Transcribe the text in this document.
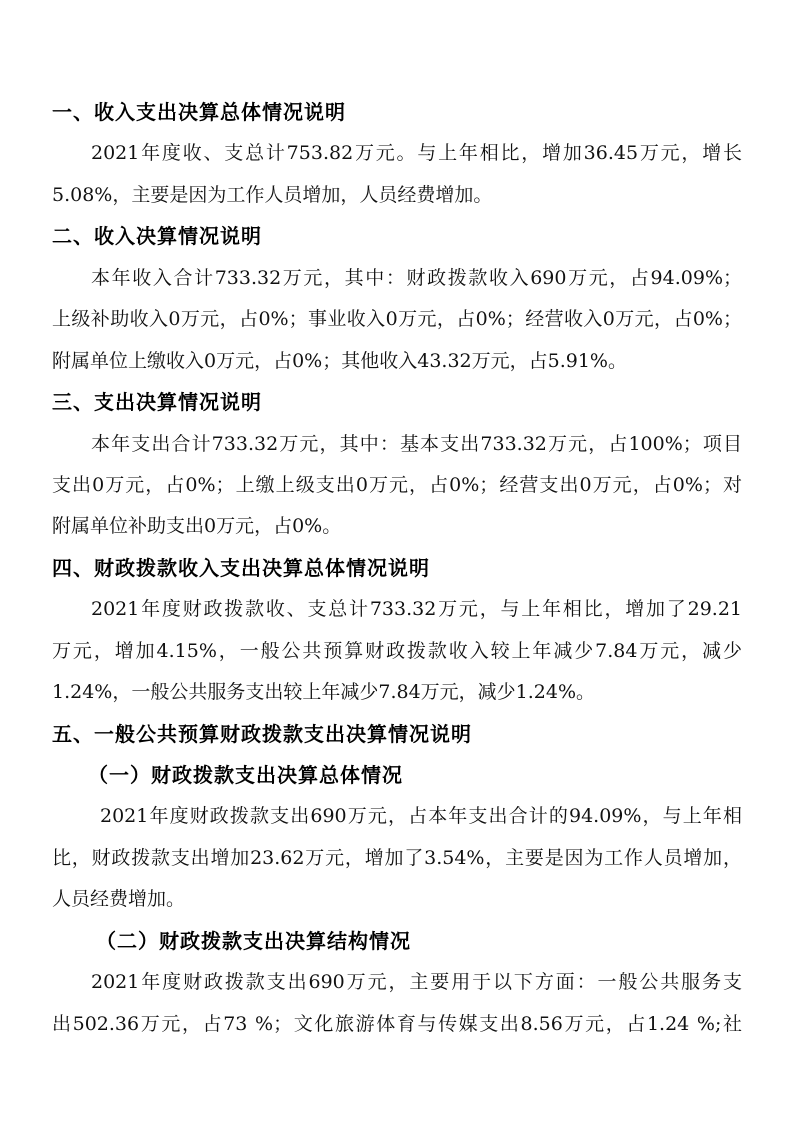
一、收入支出决算总体情况说明
2021年度收、支总计753.82万元。与上年相比，增加36.45万元，增长
5.08%，主要是因为工作人员增加，人员经费增加。
二、收入决算情况说明
本年收入合计733.32万元，其中：财政拨款收入690万元，占94.09%；
上级补助收入0万元，占0%；事业收入0万元，占0%；经营收入0万元，占0%；
附属单位上缴收入0万元，占0%；其他收入43.32万元，占5.91%。
三、支出决算情况说明
本年支出合计733.32万元，其中：基本支出733.32万元，占100%；项目
支出0万元，占0%；上缴上级支出0万元，占0%；经营支出0万元，占0%；对
附属单位补助支出0万元，占0%。
四、财政拨款收入支出决算总体情况说明
2021年度财政拨款收、支总计733.32万元，与上年相比，增加了29.21
万元，增加4.15%，一般公共预算财政拨款收入较上年减少7.84万元，减少
1.24%，一般公共服务支出较上年减少7.84万元，减少1.24%。
五、一般公共预算财政拨款支出决算情况说明
（一）财政拨款支出决算总体情况
2021年度财政拨款支出690万元，占本年支出合计的94.09%，与上年相
比，财政拨款支出增加23.62万元，增加了3.54%，主要是因为工作人员增加，
人员经费增加。
（二）财政拨款支出决算结构情况
2021年度财政拨款支出690万元，主要用于以下方面：一般公共服务支
出502.36万元，占73 %；文化旅游体育与传媒支出8.56万元，占1.24 %;社
